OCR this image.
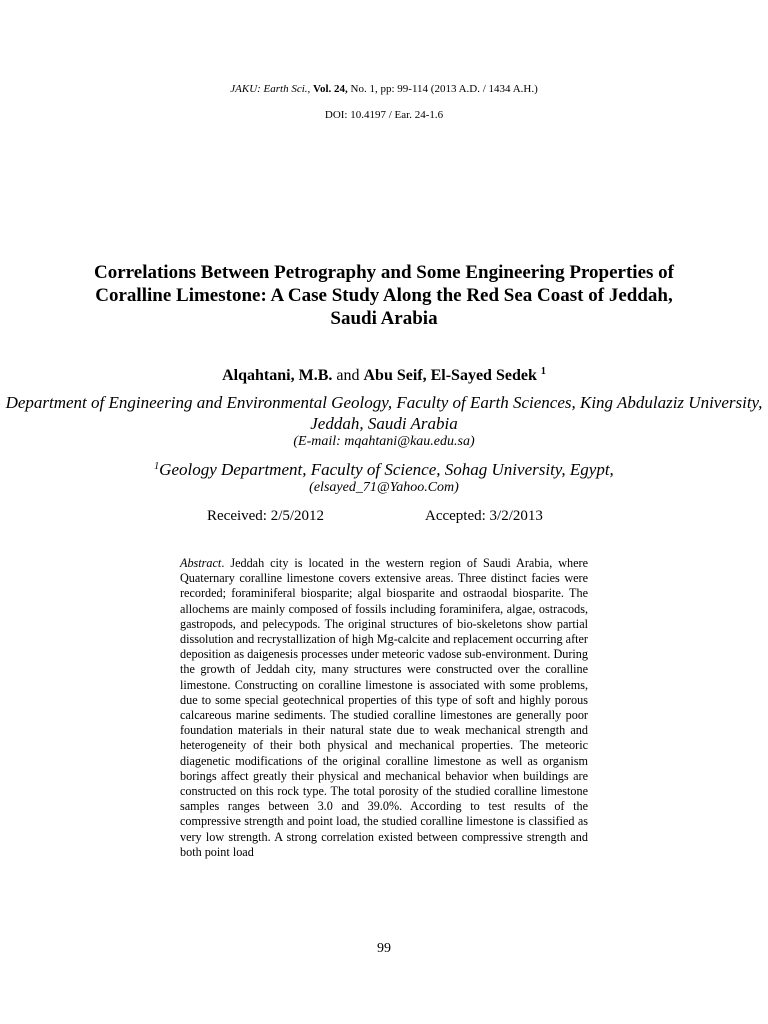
JAKU: Earth Sci., Vol. 24, No. 1, pp: 99-114 (2013 A.D. / 1434 A.H.)
DOI: 10.4197 / Ear. 24-1.6
Correlations Between Petrography and Some Engineering Properties of Coralline Limestone: A Case Study Along the Red Sea Coast of Jeddah, Saudi Arabia
Alqahtani, M.B. and Abu Seif, El-Sayed Sedek $^1$
Department of Engineering and Environmental Geology, Faculty of Earth Sciences, King Abdulaziz University, Jeddah, Saudi Arabia
(E-mail: mqahtani@kau.edu.sa)
$^1$Geology Department, Faculty of Science, Sohag University, Egypt,
(elsayed_71@Yahoo.Com)
Received: 2/5/2012	Accepted: 3/2/2013
Abstract. Jeddah city is located in the western region of Saudi Arabia, where Quaternary coralline limestone covers extensive areas. Three distinct facies were recorded; foraminiferal biosparite; algal biosparite and ostraodal biosparite. The allochems are mainly composed of fossils including foraminifera, algae, ostracods, gastropods, and pelecypods. The original structures of bio-skeletons show partial dissolution and recrystallization of high Mg-calcite and replacement occurring after deposition as daigenesis processes under meteoric vadose sub-environment. During the growth of Jeddah city, many structures were constructed over the coralline limestone. Constructing on coralline limestone is associated with some problems, due to some special geotechnical properties of this type of soft and highly porous calcareous marine sediments. The studied coralline limestones are generally poor foundation materials in their natural state due to weak mechanical strength and heterogeneity of their both physical and mechanical properties. The meteoric diagenetic modifications of the original coralline limestone as well as organism borings affect greatly their physical and mechanical behavior when buildings are constructed on this rock type. The total porosity of the studied coralline limestone samples ranges between 3.0 and 39.0%. According to test results of the compressive strength and point load, the studied coralline limestone is classified as very low strength. A strong correlation existed between compressive strength and both point load
99
